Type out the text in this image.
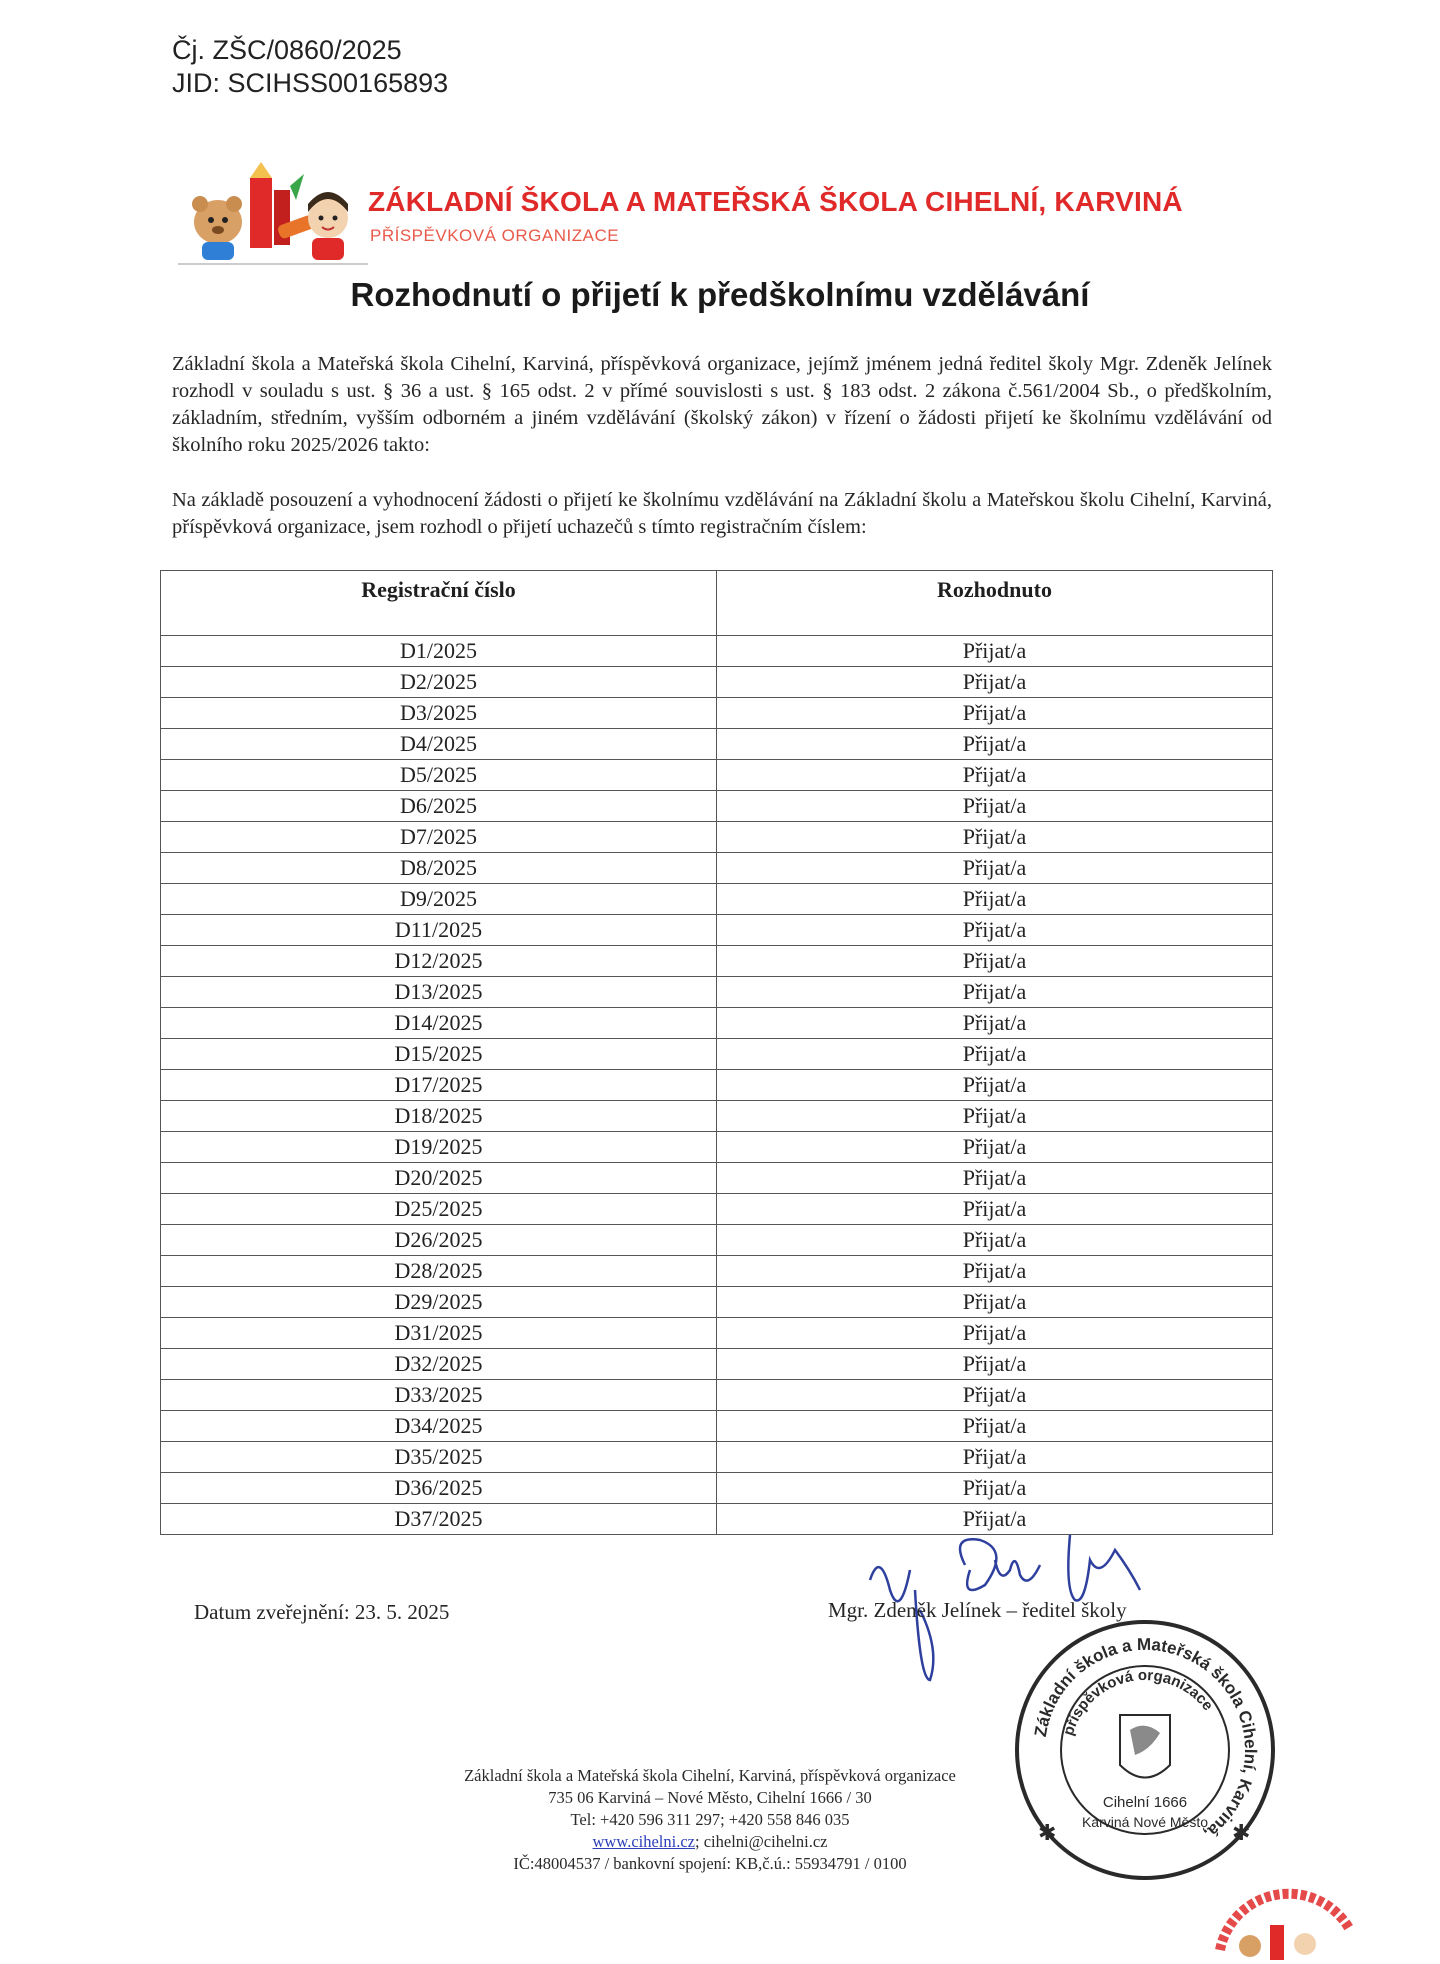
Čj. ZŠC/0860/2025
JID: SCIHSS00165893
ZÁKLADNÍ ŠKOLA A MATEŘSKÁ ŠKOLA CIHELNÍ, KARVINÁ
PŘÍSPĚVKOVÁ ORGANIZACE
Rozhodnutí o přijetí k předškolnímu vzdělávání
Základní škola a Mateřská škola Cihelní, Karviná, příspěvková organizace, jejímž jménem jedná ředitel školy Mgr. Zdeněk Jelínek rozhodl v souladu s ust. § 36 a ust. § 165 odst. 2 v přímé souvislosti s ust. § 183 odst. 2 zákona č.561/2004 Sb., o předškolním, základním, středním, vyšším odborném a jiném vzdělávání (školský zákon) v řízení o žádosti přijetí ke školnímu vzdělávání od školního roku 2025/2026 takto:
Na základě posouzení a vyhodnocení žádosti o přijetí ke školnímu vzdělávání na Základní školu a Mateřskou školu Cihelní, Karviná, příspěvková organizace, jsem rozhodl o přijetí uchazečů s tímto registračním číslem:
Registrační číslo	Rozhodnuto
D1/2025	Přijat/a
D2/2025	Přijat/a
D3/2025	Přijat/a
D4/2025	Přijat/a
D5/2025	Přijat/a
D6/2025	Přijat/a
D7/2025	Přijat/a
D8/2025	Přijat/a
D9/2025	Přijat/a
D11/2025	Přijat/a
D12/2025	Přijat/a
D13/2025	Přijat/a
D14/2025	Přijat/a
D15/2025	Přijat/a
D17/2025	Přijat/a
D18/2025	Přijat/a
D19/2025	Přijat/a
D20/2025	Přijat/a
D25/2025	Přijat/a
D26/2025	Přijat/a
D28/2025	Přijat/a
D29/2025	Přijat/a
D31/2025	Přijat/a
D32/2025	Přijat/a
D33/2025	Přijat/a
D34/2025	Přijat/a
D35/2025	Přijat/a
D36/2025	Přijat/a
D37/2025	Přijat/a
Datum zveřejnění: 23. 5. 2025	Mgr. Zdeněk Jelínek – ředitel školy
Základní škola a Mateřská škola Cihelní, Karviná,
příspěvková organizace
Cihelní 1666
Karviná Nové Město
✱	✱
Základní škola a Mateřská škola Cihelní, Karviná, příspěvková organizace
735 06 Karviná – Nové Město, Cihelní 1666 / 30
Tel: +420 596 311 297; +420 558 846 035
www.cihelni.cz; cihelni@cihelni.cz
IČ:48004537 / bankovní spojení: KB,č.ú.: 55934791 / 0100
